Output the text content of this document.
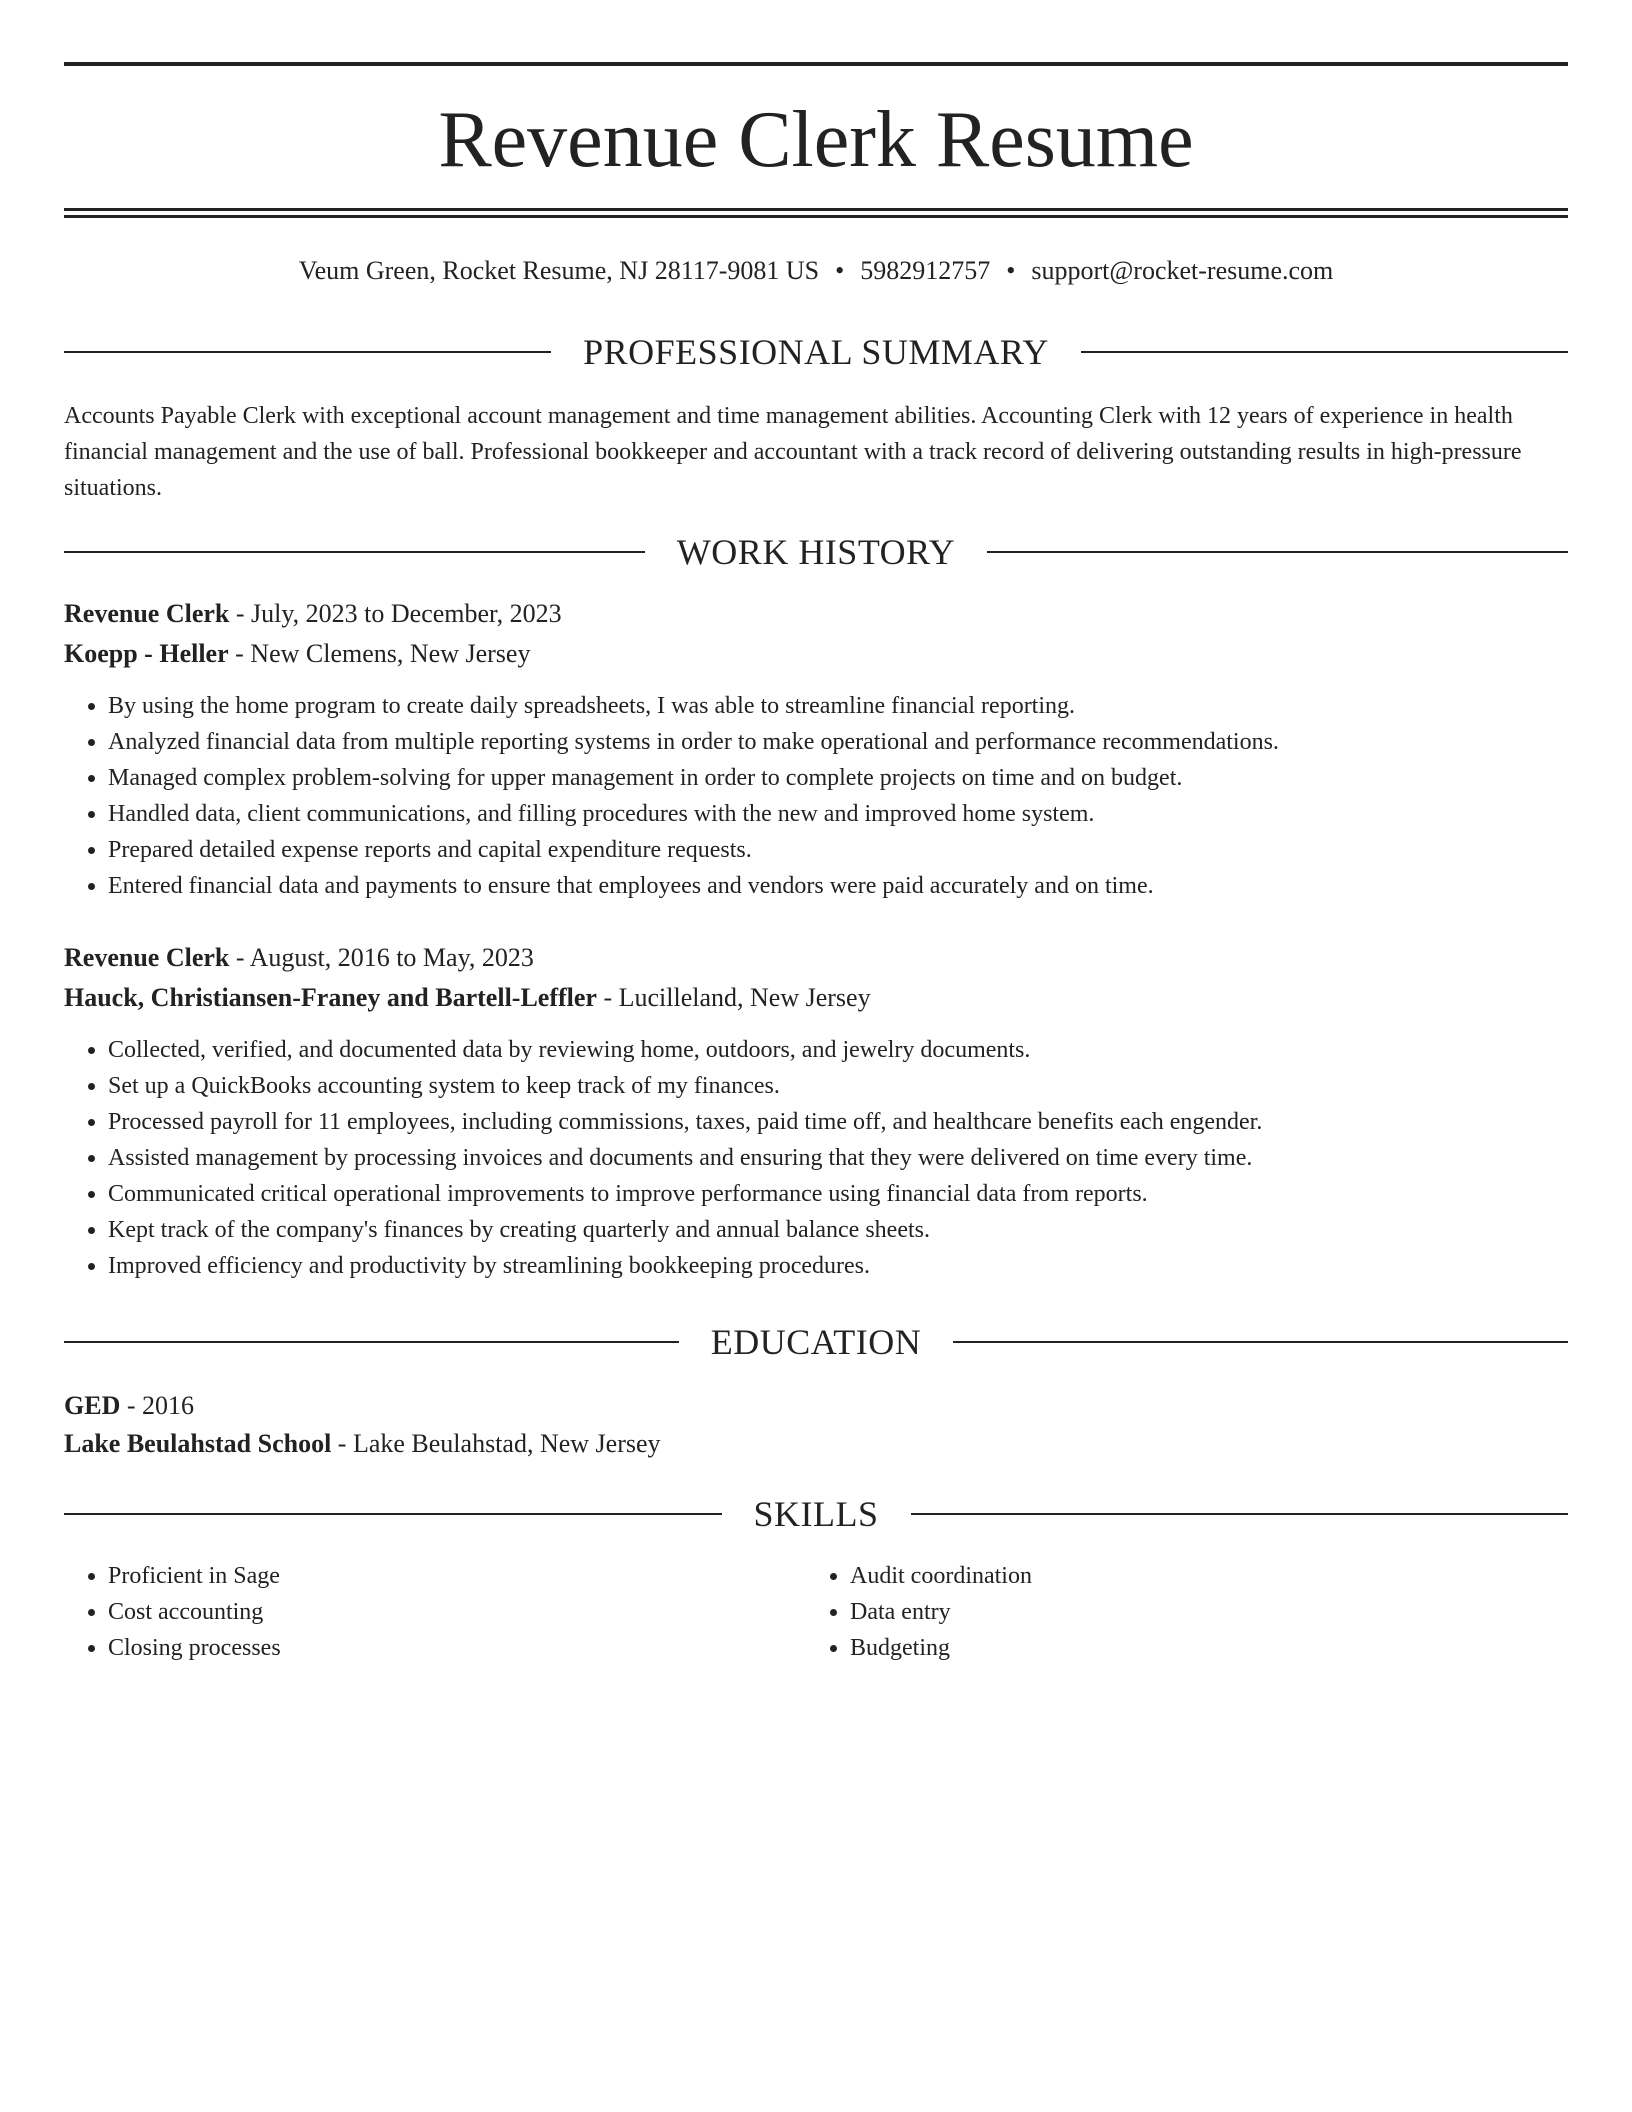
Revenue Clerk Resume
Veum Green, Rocket Resume, NJ 28117-9081 US • 5982912757 • support@rocket-resume.com
PROFESSIONAL SUMMARY

Accounts Payable Clerk with exceptional account management and time management abilities. Accounting Clerk with 12 years of experience in health financial management and the use of ball. Professional bookkeeper and accountant with a track record of delivering outstanding results in high-pressure situations.

WORK HISTORY
Revenue Clerk - July, 2023 to December, 2023
Koepp - Heller - New Clemens, New Jersey
• By using the home program to create daily spreadsheets, I was able to streamline financial reporting.
• Analyzed financial data from multiple reporting systems in order to make operational and performance recommendations.
• Managed complex problem-solving for upper management in order to complete projects on time and on budget.
• Handled data, client communications, and filling procedures with the new and improved home system.
• Prepared detailed expense reports and capital expenditure requests.
• Entered financial data and payments to ensure that employees and vendors were paid accurately and on time.
Revenue Clerk - August, 2016 to May, 2023
Hauck, Christiansen-Franey and Bartell-Leffler - Lucilleland, New Jersey
• Collected, verified, and documented data by reviewing home, outdoors, and jewelry documents.
• Set up a QuickBooks accounting system to keep track of my finances.
• Processed payroll for 11 employees, including commissions, taxes, paid time off, and healthcare benefits each engender.
• Assisted management by processing invoices and documents and ensuring that they were delivered on time every time.
• Communicated critical operational improvements to improve performance using financial data from reports.
• Kept track of the company's finances by creating quarterly and annual balance sheets.
• Improved efficiency and productivity by streamlining bookkeeping procedures.
EDUCATION
GED - 2016
Lake Beulahstad School - Lake Beulahstad, New Jersey
SKILLS
• Proficient in Sage
• Cost accounting
• Closing processes
• Audit coordination
• Data entry
• Budgeting
